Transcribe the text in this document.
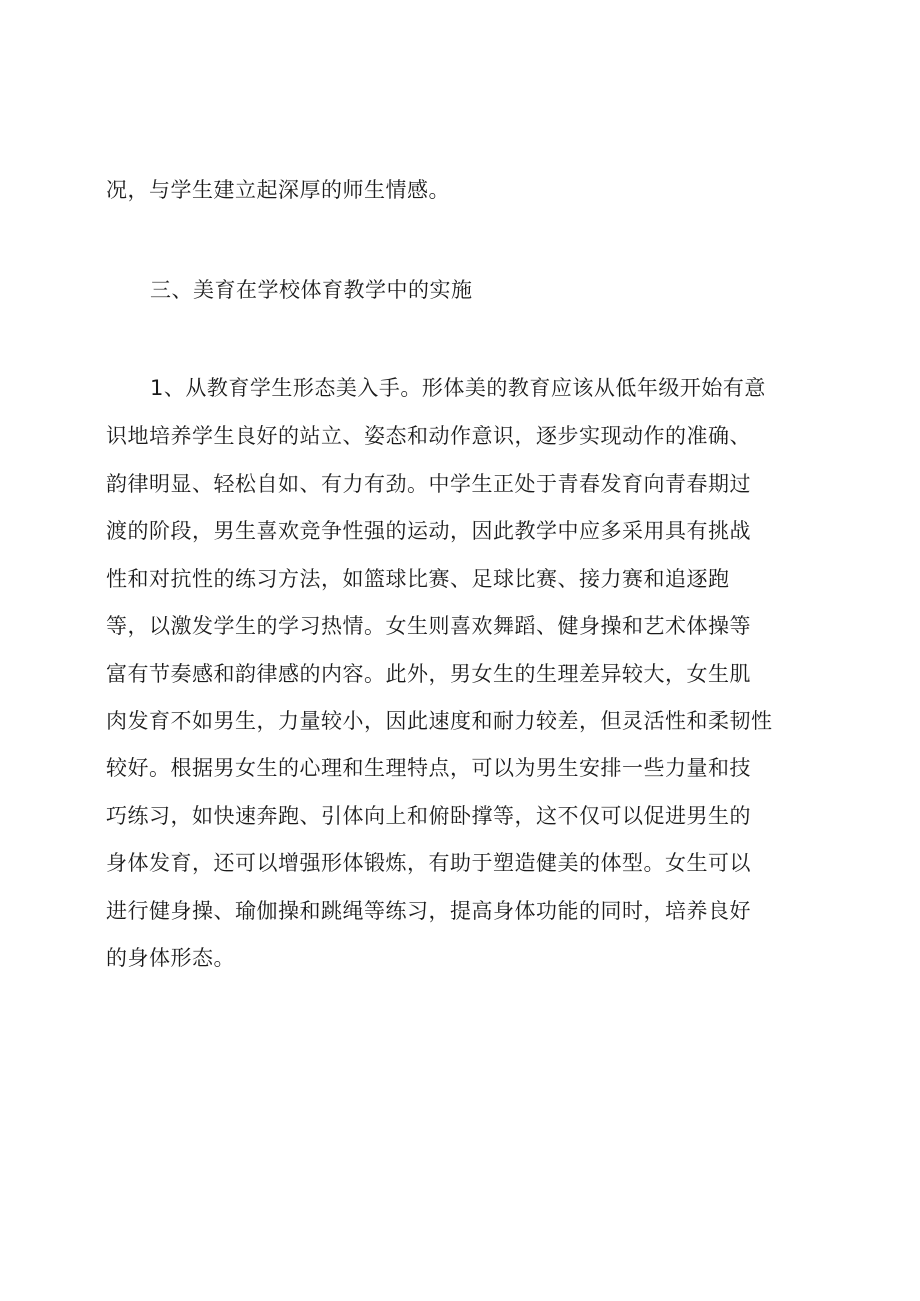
况，与学生建立起深厚的师生情感。
三、美育在学校体育教学中的实施
1、从教育学生形态美入手。形体美的教育应该从低年级开始有意
识地培养学生良好的站立、姿态和动作意识，逐步实现动作的准确、
韵律明显、轻松自如、有力有劲。中学生正处于青春发育向青春期过
渡的阶段，男生喜欢竞争性强的运动，因此教学中应多采用具有挑战
性和对抗性的练习方法，如篮球比赛、足球比赛、接力赛和追逐跑
等，以激发学生的学习热情。女生则喜欢舞蹈、健身操和艺术体操等
富有节奏感和韵律感的内容。此外，男女生的生理差异较大，女生肌
肉发育不如男生，力量较小，因此速度和耐力较差，但灵活性和柔韧性
较好。根据男女生的心理和生理特点，可以为男生安排一些力量和技
巧练习，如快速奔跑、引体向上和俯卧撑等，这不仅可以促进男生的
身体发育，还可以增强形体锻炼，有助于塑造健美的体型。女生可以
进行健身操、瑜伽操和跳绳等练习，提高身体功能的同时，培养良好
的身体形态。
